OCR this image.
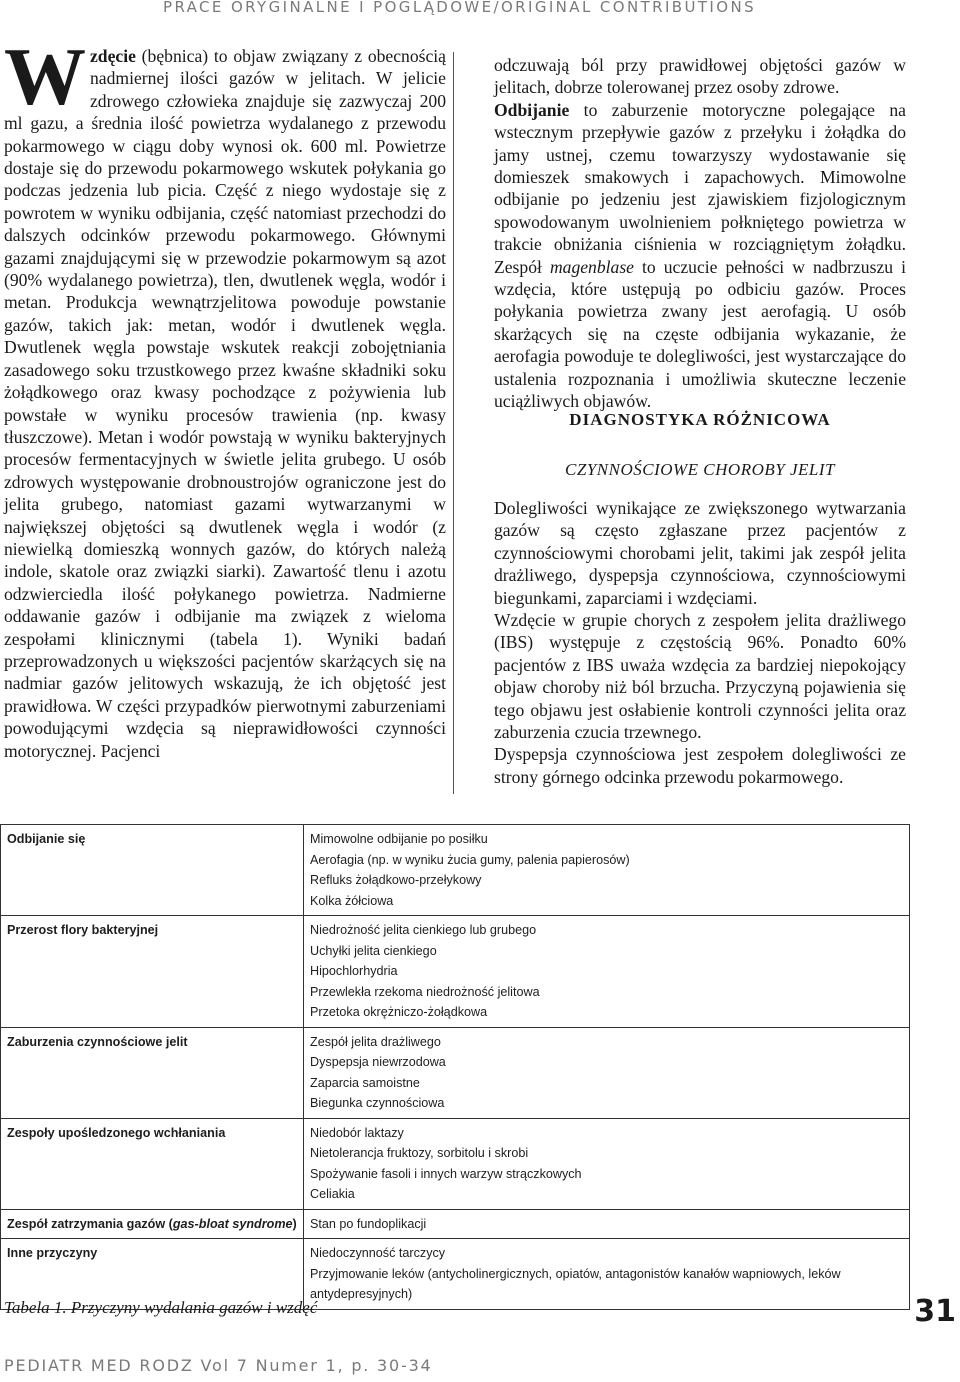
PRACE ORYGINALNE I POGLĄDOWE/ORIGINAL CONTRIBUTIONS

Wzdęcie (bębnica) to objaw związany z obecnością nadmiernej ilości gazów w jelitach. W jelicie zdrowego człowieka znajduje się zazwyczaj 200 ml gazu, a średnia ilość powietrza wydalanego z przewodu pokarmowego w ciągu doby wynosi ok. 600 ml. Powietrze dostaje się do przewodu pokarmowego wskutek połykania go podczas jedzenia lub picia. Część z niego wydostaje się z powrotem w wyniku odbijania, część natomiast przechodzi do dalszych odcinków przewodu pokarmowego. Głównymi gazami znajdującymi się w przewodzie pokarmowym są azot (90% wydalanego powietrza), tlen, dwutlenek węgla, wodór i metan. Produkcja wewnątrzjelitowa powoduje powstanie gazów, takich jak: metan, wodór i dwutlenek węgla. Dwutlenek węgla powstaje wskutek reakcji zobojętniania zasadowego soku trzustkowego przez kwaśne składniki soku żołądkowego oraz kwasy pochodzące z pożywienia lub powstałe w wyniku procesów trawienia (np. kwasy tłuszczowe). Metan i wodór powstają w wyniku bakteryjnych procesów fermentacyjnych w świetle jelita grubego. U osób zdrowych występowanie drobnoustrojów ograniczone jest do jelita grubego, natomiast gazami wytwarzanymi w największej objętości są dwutlenek węgla i wodór (z niewielką domieszką wonnych gazów, do których należą indole, skatole oraz związki siarki). Zawartość tlenu i azotu odzwierciedla ilość połykanego powietrza. Nadmierne oddawanie gazów i odbijanie ma związek z wieloma zespołami klinicznymi (tabela 1). Wyniki badań przeprowadzonych u większości pacjentów skarżących się na nadmiar gazów jelitowych wskazują, że ich objętość jest prawidłowa. W części przypadków pierwotnymi zaburzeniami powodującymi wzdęcia są nieprawidłowości czynności motorycznej. Pacjenci

odczuwają ból przy prawidłowej objętości gazów w jelitach, dobrze tolerowanej przez osoby zdrowe.

Odbijanie to zaburzenie motoryczne polegające na wstecznym przepływie gazów z przełyku i żołądka do jamy ustnej, czemu towarzyszy wydostawanie się domieszek smakowych i zapachowych. Mimowolne odbijanie po jedzeniu jest zjawiskiem fizjologicznym spowodowanym uwolnieniem połkniętego powietrza w trakcie obniżania ciśnienia w rozciągniętym żołądku. Zespół magenblase to uczucie pełności w nadbrzuszu i wzdęcia, które ustępują po odbiciu gazów. Proces połykania powietrza zwany jest aerofagią. U osób skarżących się na częste odbijania wykazanie, że aerofagia powoduje te dolegliwości, jest wystarczające do ustalenia rozpoznania i umożliwia skuteczne leczenie uciążliwych objawów.

DIAGNOSTYKA RÓŻNICOWA
CZYNNOŚCIOWE CHOROBY JELIT

Dolegliwości wynikające ze zwiększonego wytwarzania gazów są często zgłaszane przez pacjentów z czynnościowymi chorobami jelit, takimi jak zespół jelita drażliwego, dyspepsja czynnościowa, czynnościowymi biegunkami, zaparciami i wzdęciami.

Wzdęcie w grupie chorych z zespołem jelita drażliwego (IBS) występuje z częstością 96%. Ponadto 60% pacjentów z IBS uważa wzdęcia za bardziej niepokojący objaw choroby niż ból brzucha. Przyczyną pojawienia się tego objawu jest osłabienie kontroli czynności jelita oraz zaburzenia czucia trzewnego.

Dyspepsja czynnościowa jest zespołem dolegliwości ze strony górnego odcinka przewodu pokarmowego.

Odbijanie się	Mimowolne odbijanie po posiłku
Aerofagia (np. w wyniku żucia gumy, palenia papierosów)
Refluks żołądkowo-przełykowy
Kolka żółciowa

Przerost flory bakteryjnej	Niedrożność jelita cienkiego lub grubego
Uchyłki jelita cienkiego
Hipochlorhydria
Przewlekła rzekoma niedrożność jelitowa
Przetoka okrężniczo-żołądkowa

Zaburzenia czynnościowe jelit	Zespół jelita drażliwego
Dyspepsja niewrzodowa
Zaparcia samoistne
Biegunka czynnościowa

Zespoły upośledzonego wchłaniania	Niedobór laktazy
Nietolerancja fruktozy, sorbitolu i skrobi
Spożywanie fasoli i innych warzyw strączkowych
Celiakia

Zespół zatrzymania gazów (gas-bloat syndrome)	Stan po fundoplikacji

Inne przyczyny	Niedoczynność tarczycy
Przyjmowanie leków (antycholinergicznych, opiatów, antagonistów kanałów wapniowych, leków antydepresyjnych)
Tabela 1. Przyczyny wydalania gazów i wzdęć	31
PEDIATR MED RODZ Vol 7 Numer 1, p. 30-34
